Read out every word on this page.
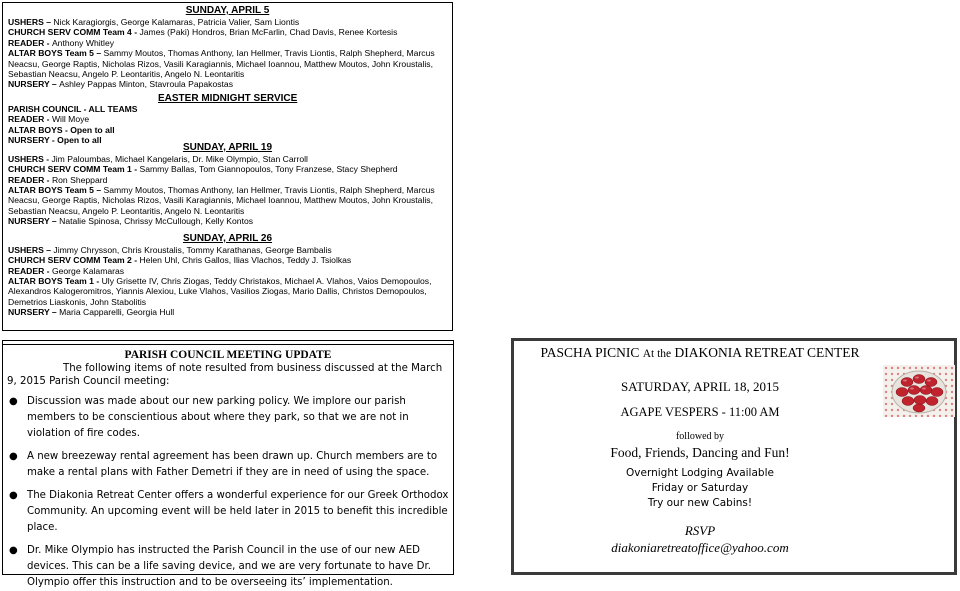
SUNDAY, APRIL 5
USHERS – Nick Karagiorgis, George Kalamaras, Patricia Valier, Sam Liontis
CHURCH SERV COMM Team 4 - James (Paki) Hondros, Brian McFarlin, Chad Davis, Renee Kortesis
READER - Anthony Whitley
ALTAR BOYS Team 5 – Sammy Moutos, Thomas Anthony, Ian Hellmer, Travis Liontis, Ralph Shepherd, Marcus Neacsu, George Raptis, Nicholas Rizos, Vasili Karagiannis, Michael Ioannou, Matthew Moutos, John Kroustalis, Sebastian Neacsu, Angelo P. Leontaritis, Angelo N. Leontaritis
NURSERY – Ashley Pappas Minton, Stavroula Papakostas
EASTER MIDNIGHT SERVICE
PARISH COUNCIL - ALL TEAMS
READER - Will Moye
ALTAR BOYS - Open to all
NURSERY - Open to all
SUNDAY, APRIL 19
USHERS - Jim Paloumbas, Michael Kangelaris, Dr. Mike Olympio, Stan Carroll
CHURCH SERV COMM Team 1 - Sammy Ballas, Tom Giannopoulos, Tony Franzese, Stacy Shepherd
READER - Ron Sheppard
ALTAR BOYS Team 5 – Sammy Moutos, Thomas Anthony, Ian Hellmer, Travis Liontis, Ralph Shepherd, Marcus Neacsu, George Raptis, Nicholas Rizos, Vasili Karagiannis, Michael Ioannou, Matthew Moutos, John Kroustalis, Sebastian Neacsu, Angelo P. Leontaritis, Angelo N. Leontaritis
NURSERY – Natalie Spinosa, Chrissy McCullough, Kelly Kontos
SUNDAY, APRIL 26
USHERS – Jimmy Chrysson, Chris Kroustalis, Tommy Karathanas, George Bambalis
CHURCH SERV COMM Team 2 - Helen Uhl, Chris Gallos, Ilias Vlachos, Teddy J. Tsiolkas
READER - George Kalamaras
ALTAR BOYS Team 1 - Uly Grisette IV, Chris Ziogas, Teddy Christakos, Michael A. Vlahos, Vaios Demopoulos, Alexandros Kalogeromitros, Yiannis Alexiou, Luke Vlahos, Vasilios Ziogas, Mario Dallis, Christos Demopoulos, Demetrios Liaskonis, John Stabolitis
NURSERY – Maria Capparelli, Georgia Hull
PARISH COUNCIL MEETING UPDATE
The following items of note resulted from business discussed at the March 9, 2015 Parish Council meeting:
● Discussion was made about our new parking policy. We implore our parish members to be conscientious about where they park, so that we are not in violation of fire codes.
● A new breezeway rental agreement has been drawn up. Church members are to make a rental plans with Father Demetri if they are in need of using the space.
● The Diakonia Retreat Center offers a wonderful experience for our Greek Orthodox Community. An upcoming event will be held later in 2015 to benefit this incredible place.
● Dr. Mike Olympio has instructed the Parish Council in the use of our new AED devices. This can be a life saving device, and we are very fortunate to have Dr. Olympio offer this instruction and to be overseeing its’ implementation.
PASCHA PICNIC At the DIAKONIA RETREAT CENTER
SATURDAY, APRIL 18, 2015
AGAPE VESPERS - 11:00 AM
followed by
Food, Friends, Dancing and Fun!
Overnight Lodging Available
Friday or Saturday
Try our new Cabins!
RSVP
diakoniaretreatoffice@yahoo.com
